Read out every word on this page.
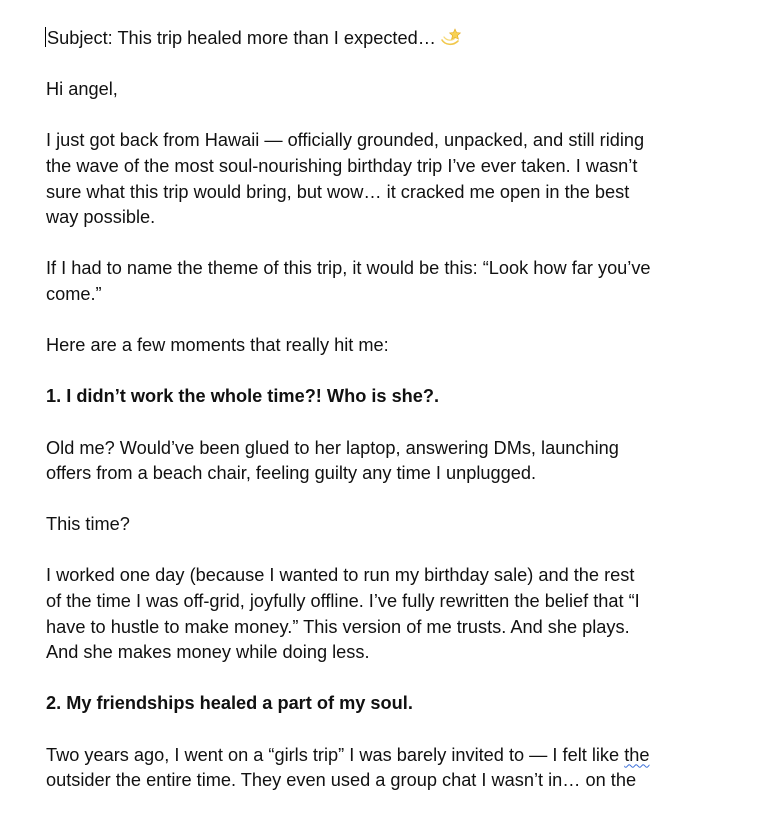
Subject: This trip healed more than I expected…

Hi angel,

I just got back from Hawaii — officially grounded, unpacked, and still riding
the wave of the most soul-nourishing birthday trip I’ve ever taken. I wasn’t
sure what this trip would bring, but wow… it cracked me open in the best
way possible.

If I had to name the theme of this trip, it would be this: “Look how far you’ve
come.”

Here are a few moments that really hit me:

1. I didn’t work the whole time?! Who is she?.

Old me? Would’ve been glued to her laptop, answering DMs, launching
offers from a beach chair, feeling guilty any time I unplugged.

This time?

I worked one day (because I wanted to run my birthday sale) and the rest
of the time I was off-grid, joyfully offline. I’ve fully rewritten the belief that “I
have to hustle to make money.” This version of me trusts. And she plays.
And she makes money while doing less.

2. My friendships healed a part of my soul.

Two years ago, I went on a “girls trip” I was barely invited to — I felt like the
outsider the entire time. They even used a group chat I wasn’t in… on the
